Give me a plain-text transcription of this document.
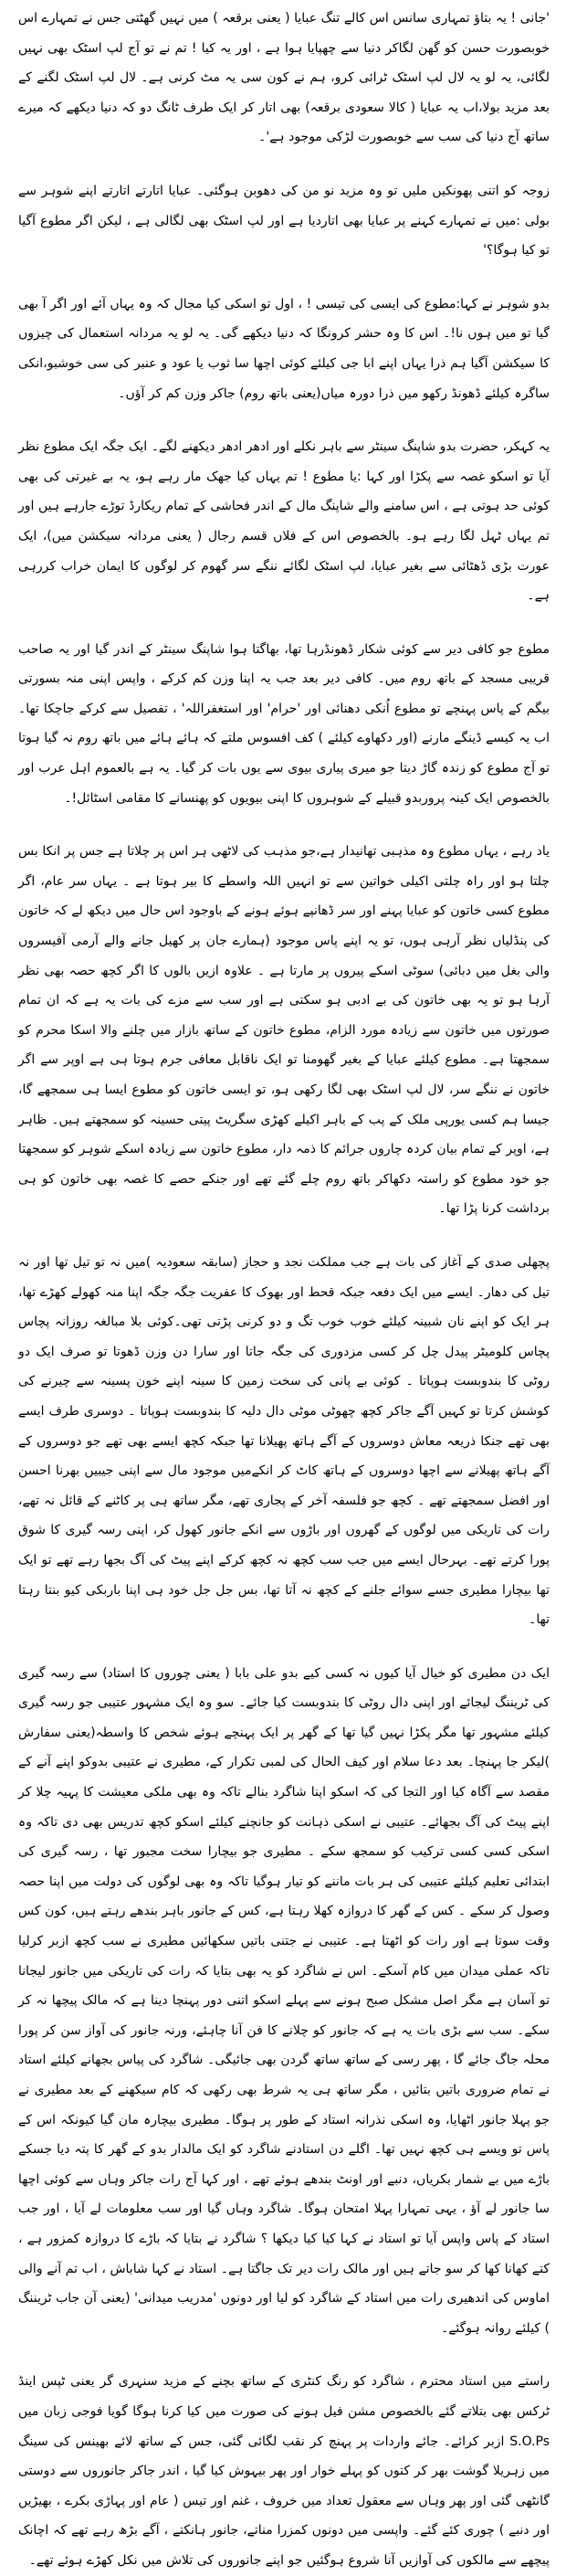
'جانی ! یہ بتاؤ تمہاری سانس اس کالے تنگ عبایا ( یعنی برقعہ ) میں نہیں گھٹتی جس نے تمہارے اس خوبصورت حسن کو گھن لگاکر دنیا سے چھپایا ہوا ہے ، اور یہ کیا ! تم نے تو آج لپ اسٹک بھی نہیں لگائی، یہ لو یہ لال لپ اسٹک ٹرائی کرو، ہم نے کون سی یہ مٹ کرنی ہے۔ لال لپ اسٹک لگنے کے بعد مزید بولا،اب یہ عبایا ( کالا سعودی برقعہ) بھی اتار کر ایک طرف ٹانگ دو کہ دنیا دیکھے کہ میرے ساتھ آج دنیا کی سب سے خوبصورت لڑکی موجود ہے'۔

زوجہ کو اتنی پھونکیں ملیں تو وہ مزید نو من کی دھوبن ہوگئی۔ عبایا اتارتے اتارتے اپنے شوہر سے بولی :میں نے تمہارے کہنے پر عبایا بھی اتاردیا ہے اور لپ اسٹک بھی لگالی ہے ، لیکن اگر مطوع آگیا تو کیا ہوگا؟'

بدو شوہر نے کہا:مطوع کی ایسی کی تیسی ! ، اول تو اسکی کیا مجال کہ وہ یہاں آئے اور اگر آ بھی گیا تو میں ہوں نا!۔ اس کا وہ حشر کرونگا کہ دنیا دیکھے گی۔ یہ لو یہ مردانہ استعمال کی چیزوں کا سیکشن آگیا ہم ذرا یہاں اپنے ابا جی کیلئے کوئی اچھا سا ثوب یا عود و عنبر کی سی خوشبو،انکی ساگرہ کیلئے ڈھونڈ رکھو میں ذرا دورہ میاں(یعنی باتھ روم) جاکر وزن کم کر آؤں۔

یہ کہکر، حضرت بدو شاپنگ سینٹر سے باہر نکلے اور ادھر ادھر دیکھنے لگے۔ ایک جگہ ایک مطوع نظر آیا تو اسکو غصہ سے پکڑا اور کہا :یا مطوع ! تم یہاں کیا جھک مار رہے ہو، یہ بے غیرتی کی بھی کوئی حد ہوتی ہے ، اس سامنے والے شاپنگ مال کے اندر فحاشی کے تمام ریکارڈ توڑے جارہے ہیں اور تم یہاں ٹہل لگا رہے ہو۔ بالخصوص اس کے فلاں قسم رجال ( یعنی مردانہ سیکشن میں)، ایک عورت بڑی ڈھٹائی سے بغیر عبایا، لپ اسٹک لگائے ننگے سر گھوم کر لوگوں کا ایمان خراب کررہی ہے۔

مطوع جو کافی دیر سے کوئی شکار ڈھونڈرہا تھا، بھاگتا ہوا شاپنگ سینٹر کے اندر گیا اور یہ صاحب قریبی مسجد کے باتھ روم میں۔ کافی دیر بعد جب یہ اپنا وزن کم کرکے ، واپس اپنی منہ بسورتی بیگم کے پاس پہنچے تو مطوع اُنکی دھنائی اور 'حرام' اور استغفراللہ' ، تفصیل سے کرکے جاچکا تھا۔ اب یہ کیسے ڈینگے مارنے (اور دکھاوے کیلئے ) کف افسوس ملتے کہ ہائے ہائے میں باتھ روم نہ گیا ہوتا تو آج مطوع کو زندہ گاڑ دیتا جو میری پیاری بیوی سے یوں بات کر گیا۔ یہ ہے بالعموم اہل عرب اور بالخصوص ایک کینہ پروربدو قبیلے کے شوہروں کا اپنی بیویوں کو پھنسانے کا مقامی اسٹائل!۔

یاد رہے ، یہاں مطوع وہ مذہبی تھانیدار ہے،جو مذہب کی لاٹھی ہر اس پر چلاتا ہے جس پر انکا بس چلتا ہو اور راہ چلتی اکیلی خواتین سے تو انہیں اللہ واسطے کا بیر ہوتا ہے ۔ یہاں سر عام، اگر مطوع کسی خاتون کو عبایا پہنے اور سر ڈھانپے ہوئے ہونے کے باوجود اس حال میں دیکھ لے کہ خاتون کی پنڈلیاں نظر آرہی ہوں، تو یہ اپنے پاس موجود (ہمارے جان پر کھیل جانے والے آرمی آفیسروں والی بغل میں دبائی) سوٹی اسکے پیروں پر مارتا ہے ۔ علاوہ ازیں بالوں کا اگر کچھ حصہ بھی نظر آرہا ہو تو یہ بھی خاتون کی بے ادبی ہو سکتی ہے اور سب سے مزے کی بات یہ ہے کہ ان تمام صورتوں میں خاتون سے زیادہ مورد الزام، مطوع خاتون کے ساتھ بازار میں چلنے والا اسکا محرم کو سمجھتا ہے۔ مطوع کیلئے عبایا کے بغیر گھومنا تو ایک ناقابل معافی جرم ہوتا ہی ہے اوپر سے اگر خاتون نے ننگے سر، لال لپ اسٹک بھی لگا رکھی ہو، تو ایسی خاتون کو مطوع ایسا ہی سمجھے گا، جیسا ہم کسی یورپی ملک کے پب کے باہر اکیلے کھڑی سگریٹ پیتی حسینہ کو سمجھتے ہیں۔ ظاہر ہے، اوپر کے تمام بیان کردہ چاروں جرائم کا ذمہ دار، مطوع خاتون سے زیادہ اسکے شوہر کو سمجھتا جو خود مطوع کو راستہ دکھاکر باتھ روم چلے گئے تھے اور جنکے حصے کا غصہ بھی خاتون کو ہی برداشت کرنا پڑا تھا۔

پچھلی صدی کے آغاز کی بات ہے جب مملکت نجد و حجاز (سابقہ سعودیہ )میں نہ تو تیل تھا اور نہ تیل کی دھار۔ ایسے میں ایک دفعہ جبکہ قحط اور بھوک کا عفریت جگہ جگہ اپنا منہ کھولے کھڑے تھا، ہر ایک کو اپنے نان شبینہ کیلئے خوب خوب تگ و دو کرنی پڑتی تھی۔کوئی بلا مبالغہ روزانہ پچاس پچاس کلومیٹر پیدل چل کر کسی مزدوری کی جگہ جاتا اور سارا دن وزن ڈھوتا تو صرف ایک دو روٹی کا بندوبست ہوپاتا ۔ کوئی بے پانی کی سخت زمین کا سینہ اپنے خون پسینہ سے چیرنے کی کوشش کرتا تو کہیں آگے جاکر کچھ چھوٹی موٹی دال دلیہ کا بندوبست ہوپاتا ۔ دوسری طرف ایسے بھی تھے جنکا ذریعہ معاش دوسروں کے آگے ہاتھ پھیلانا تھا جبکہ کچھ ایسے بھی تھے جو دوسروں کے آگے ہاتھ پھیلانے سے اچھا دوسروں کے ہاتھ کاٹ کر انکےمیں موجود مال سے اپنی جیبیں بھرنا احسن اور افضل سمجھتے تھے ۔ کچھ جو فلسفہ آخر کے پجاری تھے، مگر ساتھ ہی پر کاٹنے کے قائل نہ تھے، رات کی تاریکی میں لوگوں کے گھروں اور باڑوں سے انکے جانور کھول کر، اپنی رسہ گیری کا شوق پورا کرتے تھے۔ بہرحال ایسے میں جب سب کچھ نہ کچھ کرکے اپنے پیٹ کی آگ بجھا رہے تھے تو ایک تھا بیچارا مطیری جسے سوائے جلنے کے کچھ نہ آتا تھا، بس جل جل خود ہی اپنا باربکی کیو بنتا رہتا تھا۔

ایک دن مطیری کو خیال آیا کیوں نہ کسی کیے بدو علی بابا ( یعنی چوروں کا استاد) سے رسہ گیری کی ٹریننگ لیجائے اور اپنی دال روٹی کا بندوبست کیا جائے۔ سو وہ ایک مشہور عتیبی جو رسہ گیری کیلئے مشہور تھا مگر پکڑا نہیں گیا تھا کے گھر پر ایک پہنچے ہوئے شخص کا واسطہ(یعنی سفارش )لیکر جا پہنچا۔ بعد دعا سلام اور کیف الحال کی لمبی تکرار کے، مطیری نے عتیبی بدوکو اپنے آنے کے مقصد سے آگاہ کیا اور التجا کی کہ اسکو اپنا شاگرد بنالے تاکہ وہ بھی ملکی معیشت کا پہیہ چلا کر اپنے پیٹ کی آگ بجھائے۔ عتیبی نے اسکی ذہانت کو جانچنے کیلئے اسکو کچھ تدریس بھی دی تاکہ وہ اسکی کسی کسی ترکیب کو سمجھ سکے ۔ مطیری جو بیچارا سخت مجبور تھا ، رسہ گیری کی ابتدائی تعلیم کیلئے عتیبی کی ہر بات ماننے کو تیار ہوگیا تاکہ وہ بھی لوگوں کی دولت میں اپنا حصہ وصول کر سکے ۔ کس کے گھر کا دروازہ کھلا رہتا ہے، کس کے جانور باہر بندھے رہتے ہیں، کون کس وقت سوتا ہے اور رات کو اٹھتا ہے۔ عتیبی نے جتنی باتیں سکھائیں مطیری نے سب کچھ ازبر کرلیا تاکہ عملی میدان میں کام آسکے۔ اس نے شاگرد کو یہ بھی بتایا کہ رات کی تاریکی میں جانور لیجانا تو آسان ہے مگر اصل مشکل صبح ہونے سے پہلے اسکو اتنی دور پہنچا دینا ہے کہ مالک پیچھا نہ کر سکے۔ سب سے بڑی بات یہ ہے کہ جانور کو چلانے کا فن آنا چاہئے، ورنہ جانور کی آواز سن کر پورا محلہ جاگ جائے گا ، پھر رسی کے ساتھ ساتھ گردن بھی جائیگی۔ شاگرد کی پیاس بجھانے کیلئے استاد نے تمام ضروری باتیں بتائیں ، مگر ساتھ ہی یہ شرط بھی رکھی کہ کام سیکھنے کے بعد مطیری نے جو پہلا جانور اٹھایا، وہ اسکی نذرانہ استاد کے طور پر ہوگا۔ مطیری بیچارہ مان گیا کیونکہ اس کے پاس تو ویسے ہی کچھ نہیں تھا۔ اگلے دن استادنے شاگرد کو ایک مالدار بدو کے گھر کا پتہ دیا جسکے باڑے میں بے شمار بکریاں، دنبے اور اونٹ بندھے ہوئے تھے ، اور کہا آج رات جاکر وہاں سے کوئی اچھا سا جانور لے آؤ ، یہی تمہارا پہلا امتحان ہوگا۔ شاگرد وہاں گیا اور سب معلومات لے آیا ، اور جب استاد کے پاس واپس آیا تو استاد نے کہا کیا کیا دیکھا ؟ شاگرد نے بتایا کہ باڑے کا دروازہ کمزور ہے ، کتے کھانا کھا کر سو جاتے ہیں اور مالک رات دیر تک جاگتا ہے۔ استاد نے کہا شاباش ، اب تم آنے والی اماوس کی اندھیری رات میں استاد کے شاگرد کو لیا اور دونوں 'مدریب میدانی' (یعنی آن جاب ٹریننگ ) کیلئے روانہ ہوگئے۔

راستے میں استاد محترم ، شاگرد کو رنگ کنٹری کے ساتھ بچنے کے مزید سنہری گر یعنی ٹپس اینڈ ٹرکس بھی بتلاتے گئے بالخصوص مشن فیل ہونے کی صورت میں کیا کرنا ہوگا گویا فوجی زبان میں S.O.Ps ازبر کرائے۔ جائے واردات پر پہنچ کر نقب لگائی گئی، جس کے ساتھ لائے بھینس کی سینگ میں زہریلا گوشت بھر کر کتوں کو پہلے خوار اور پھر بیہوش کیا گیا ، اندر جاکر جانوروں سے دوستی گانٹھی گئی اور پھر وہاں سے معقول تعداد میں خروف ، غنم اور تیس ( عام اور پہاڑی بکرے ، بھیڑیں اور دنبے ) چوری کئے گئے۔ واپسی میں دونوں کمزرا مناتے، جانور ہانکتے ، آگے بڑھ رہے تھے کہ اچانک پیچھے سے مالکوں کی آوازیں آنا شروع ہوگئیں جو اپنے جانوروں کی تلاش میں نکل کھڑے ہوئے تھے۔
